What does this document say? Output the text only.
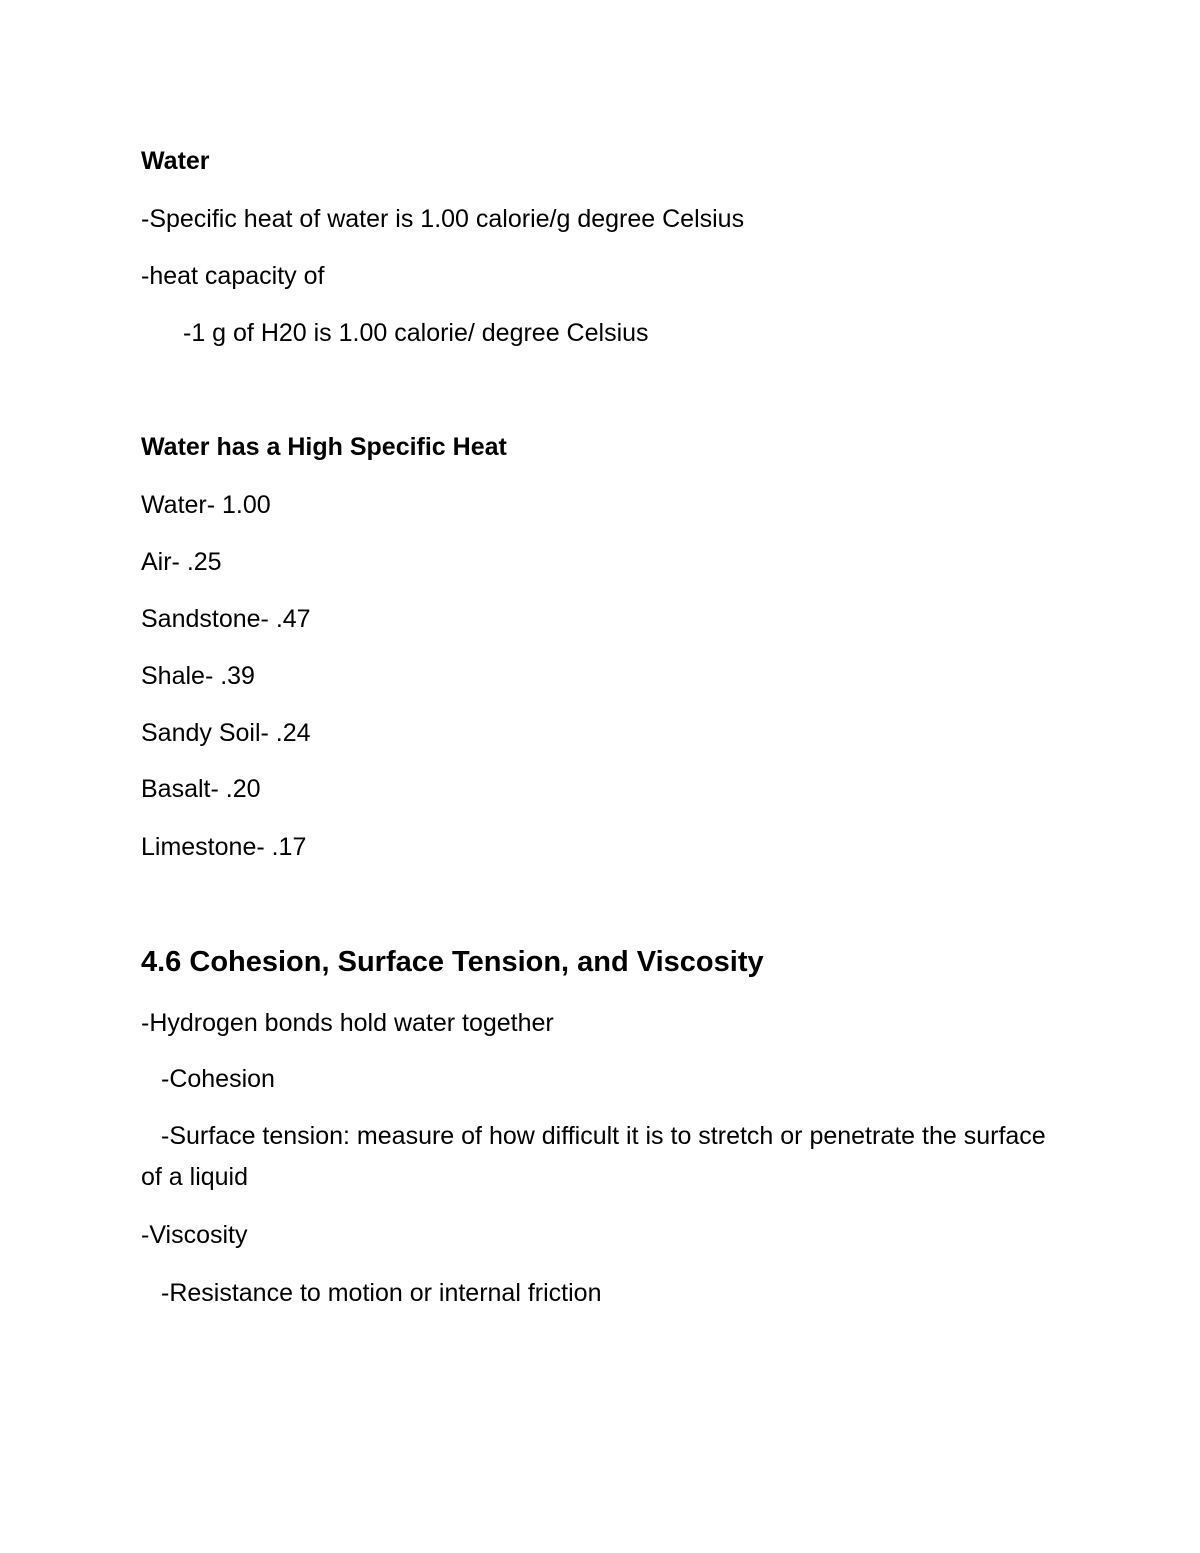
Water
-Specific heat of water is 1.00 calorie/g degree Celsius
-heat capacity of
-1 g of H20 is 1.00 calorie/ degree Celsius
Water has a High Specific Heat
Water- 1.00
Air- .25
Sandstone- .47
Shale- .39
Sandy Soil- .24
Basalt- .20
Limestone- .17
4.6 Cohesion, Surface Tension, and Viscosity
-Hydrogen bonds hold water together
-Cohesion
-Surface tension: measure of how difficult it is to stretch or penetrate the surface of a liquid
-Viscosity
-Resistance to motion or internal friction
